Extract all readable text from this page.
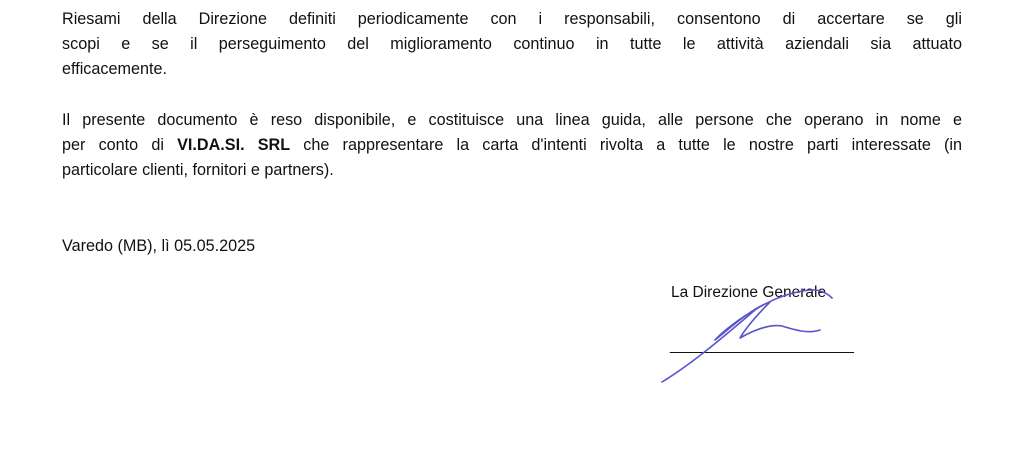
Riesami della Direzione definiti periodicamente con i responsabili, consentono di accertare se gli
scopi e se il perseguimento del miglioramento continuo in tutte le attività aziendali sia attuato
efficacemente.

Il presente documento è reso disponibile, e costituisce una linea guida, alle persone che operano in nome e
per conto di VI.DA.SI. SRL che rappresentare la carta d'intenti rivolta a tutte le nostre parti interessate (in
particolare clienti, fornitori e partners).

Varedo (MB), lì 05.05.2025

La Direzione Generale
________________________
